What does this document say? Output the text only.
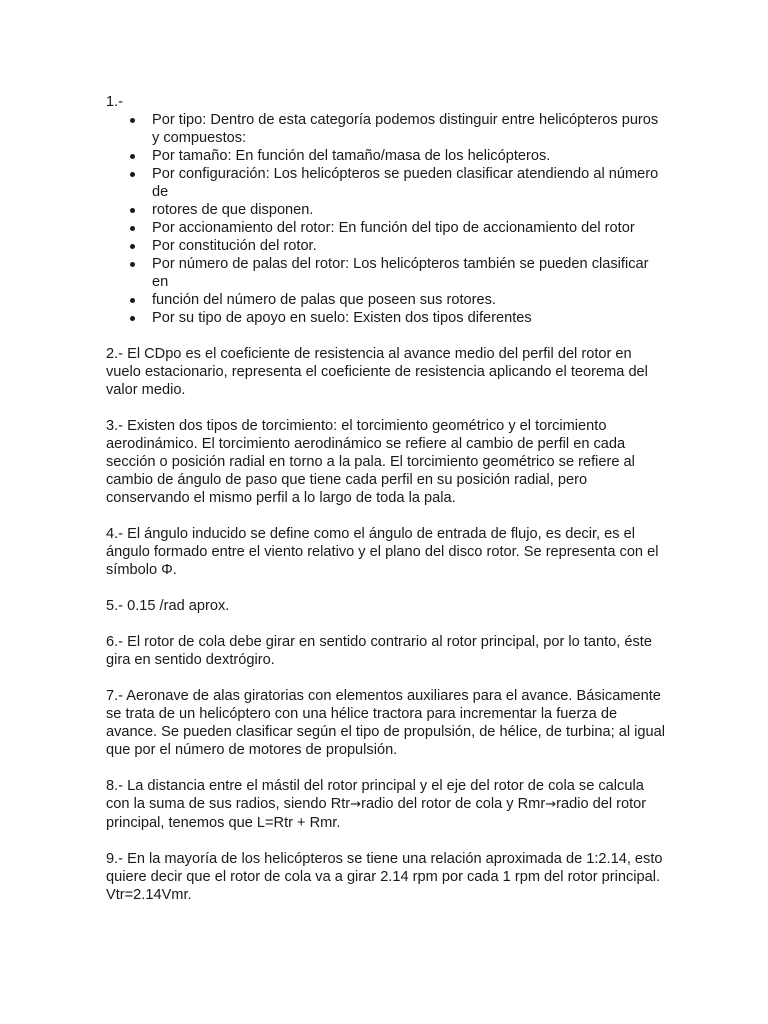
1.-

Por tipo: Dentro de esta categoría podemos distinguir entre helicópteros puros y compuestos:
Por tamaño: En función del tamaño/masa de los helicópteros.
Por configuración: Los helicópteros se pueden clasificar atendiendo al número de
rotores de que disponen.
Por accionamiento del rotor: En función del tipo de accionamiento del rotor
Por constitución del rotor.
Por número de palas del rotor: Los helicópteros también se pueden clasificar en
función del número de palas que poseen sus rotores.
Por su tipo de apoyo en suelo: Existen dos tipos diferentes

2.- El CDpo es el coeficiente de resistencia al avance medio del perfil del rotor en vuelo estacionario, representa el coeficiente de resistencia aplicando el teorema del valor medio.

3.- Existen dos tipos de torcimiento: el torcimiento geométrico y el torcimiento aerodinámico. El torcimiento aerodinámico se refiere al cambio de perfil en cada sección o posición radial en torno a la pala. El torcimiento geométrico se refiere al cambio de ángulo de paso que tiene cada perfil en su posición radial, pero conservando el mismo perfil a lo largo de toda la pala.

4.- El ángulo inducido se define como el ángulo de entrada de flujo, es decir, es el ángulo formado entre el viento relativo y el plano del disco rotor. Se representa con el símbolo Φ.

5.- 0.15 /rad aprox.

6.- El rotor de cola debe girar en sentido contrario al rotor principal, por lo tanto, éste gira en sentido dextrógiro.

7.- Aeronave de alas giratorias con elementos auxiliares para el avance. Básicamente se trata de un helicóptero con una hélice tractora para incrementar la fuerza de avance. Se pueden clasificar según el tipo de propulsión, de hélice, de turbina; al igual que por el número de motores de propulsión.

8.- La distancia entre el mástil del rotor principal y el eje del rotor de cola se calcula con la suma de sus radios, siendo Rtr→radio del rotor de cola y Rmr→radio del rotor principal, tenemos que L=Rtr + Rmr.

9.- En la mayoría de los helicópteros se tiene una relación aproximada de 1:2.14, esto quiere decir que el rotor de cola va a girar 2.14 rpm por cada 1 rpm del rotor principal. Vtr=2.14Vmr.
